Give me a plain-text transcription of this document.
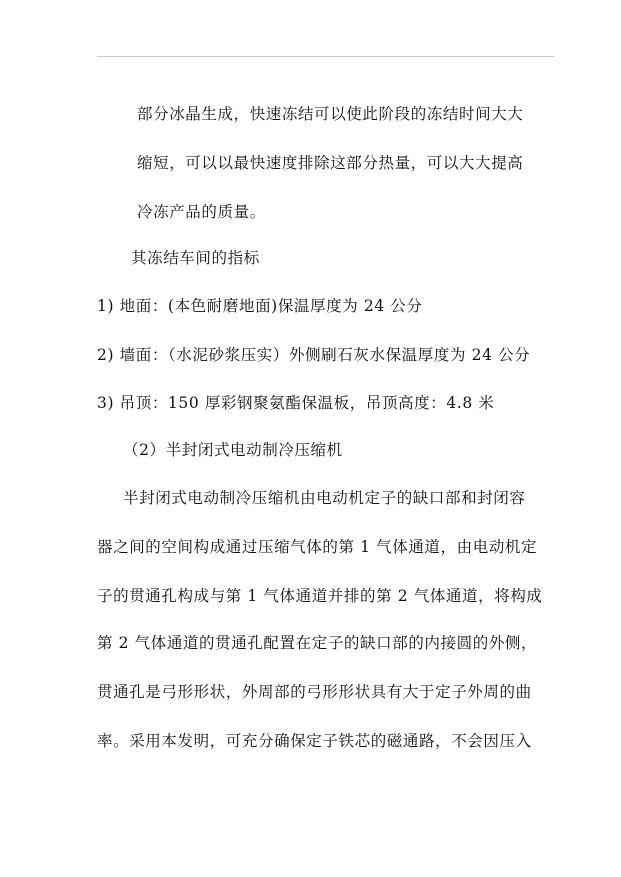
部分冰晶生成，快速冻结可以使此阶段的冻结时间大大
缩短，可以以最快速度排除这部分热量，可以大大提高
冷冻产品的质量。
其冻结车间的指标
1) 地面：(本色耐磨地面)保温厚度为 24 公分
2) 墙面：（水泥砂浆压实）外侧刷石灰水保温厚度为 24 公分
3) 吊顶：150 厚彩钢聚氨酯保温板，吊顶高度：4.8 米
（2）半封闭式电动制冷压缩机
半封闭式电动制冷压缩机由电动机定子的缺口部和封闭容
器之间的空间构成通过压缩气体的第 1 气体通道，由电动机定
子的贯通孔构成与第 1 气体通道并排的第 2 气体通道，将构成
第 2 气体通道的贯通孔配置在定子的缺口部的内接圆的外侧，
贯通孔是弓形形状，外周部的弓形形状具有大于定子外周的曲
率。采用本发明，可充分确保定子铁芯的磁通路，不会因压入
